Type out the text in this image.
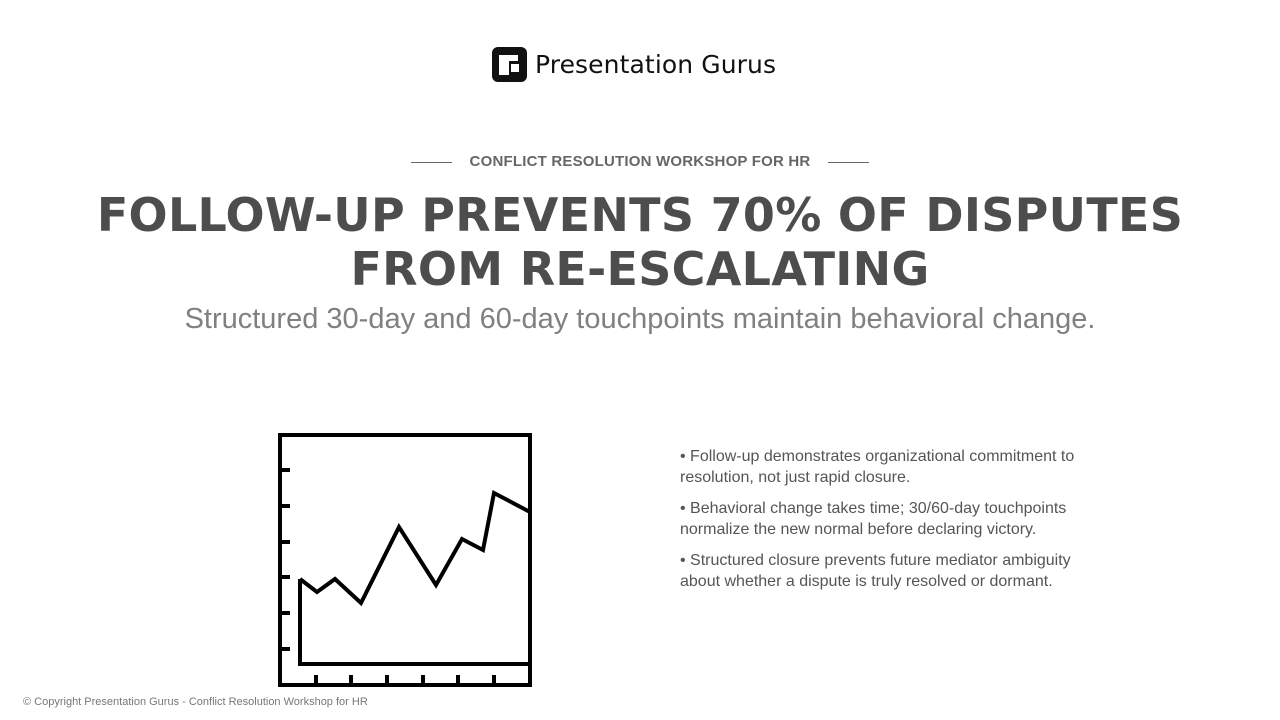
Presentation Gurus
CONFLICT RESOLUTION WORKSHOP FOR HR
FOLLOW-UP PREVENTS 70% OF DISPUTES FROM RE-ESCALATING

Structured 30-day and 60-day touchpoints maintain behavioral change.

• Follow-up demonstrates organizational commitment to resolution, not just rapid closure.
• Behavioral change takes time; 30/60-day touchpoints normalize the new normal before declaring victory.
• Structured closure prevents future mediator ambiguity about whether a dispute is truly resolved or dormant.
© Copyright Presentation Gurus - Conflict Resolution Workshop for HR
